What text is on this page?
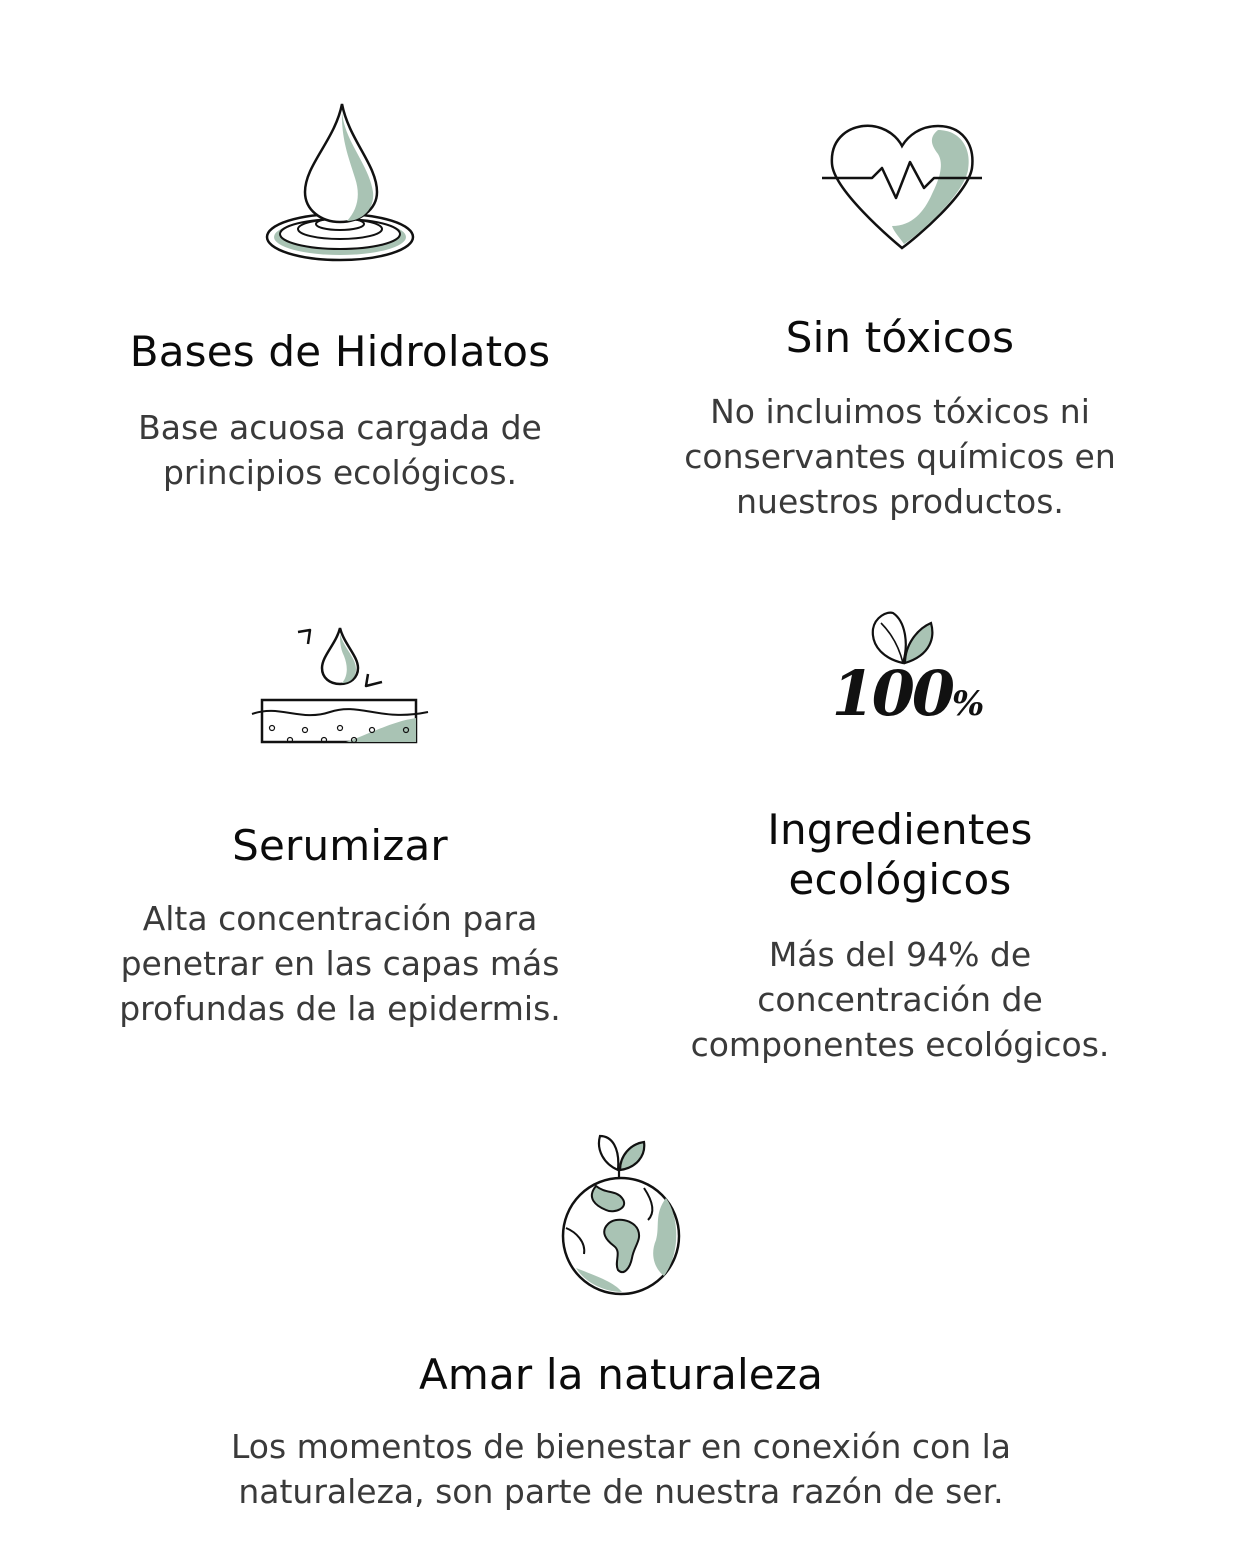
Bases de Hidrolatos

Base acuosa cargada de
principios ecológicos.

Sin tóxicos

No incluimos tóxicos ni
conservantes químicos en
nuestros productos.

Serumizar

Alta concentración para
penetrar en las capas más
profundas de la epidermis.

100%
Ingredientes
ecológicos

Más del 94% de
concentración de
componentes ecológicos.

Amar la naturaleza

Los momentos de bienestar en conexión con la
naturaleza, son parte de nuestra razón de ser.
